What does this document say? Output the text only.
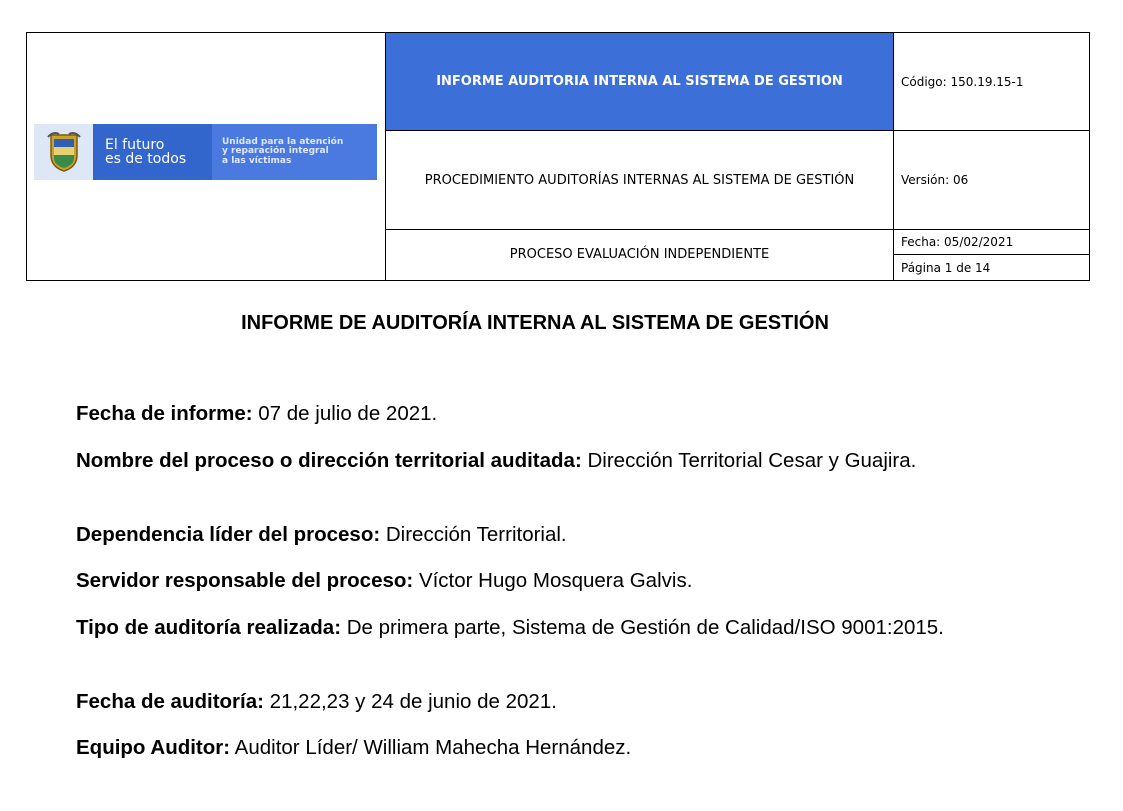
El futuro
es de todos
Unidad para la atención
y reparación integral
a las víctimas	INFORME AUDITORIA INTERNA AL SISTEMA DE GESTION	Código: 150.19.15-1
	PROCEDIMIENTO AUDITORÍAS INTERNAS AL SISTEMA DE GESTIÓN	Versión: 06
	PROCESO EVALUACIÓN INDEPENDIENTE	Fecha: 05/02/2021
		Página 1 de 14
INFORME DE AUDITORÍA INTERNA AL SISTEMA DE GESTIÓN
Fecha de informe: 07 de julio de 2021.
Nombre del proceso o dirección territorial auditada: Dirección Territorial Cesar y Guajira.
Dependencia líder del proceso: Dirección Territorial.
Servidor responsable del proceso: Víctor Hugo Mosquera Galvis.
Tipo de auditoría realizada: De primera parte, Sistema de Gestión de Calidad/ISO 9001:2015.
Fecha de auditoría: 21,22,23 y 24 de junio de 2021.
Equipo Auditor: Auditor Líder/ William Mahecha Hernández.
